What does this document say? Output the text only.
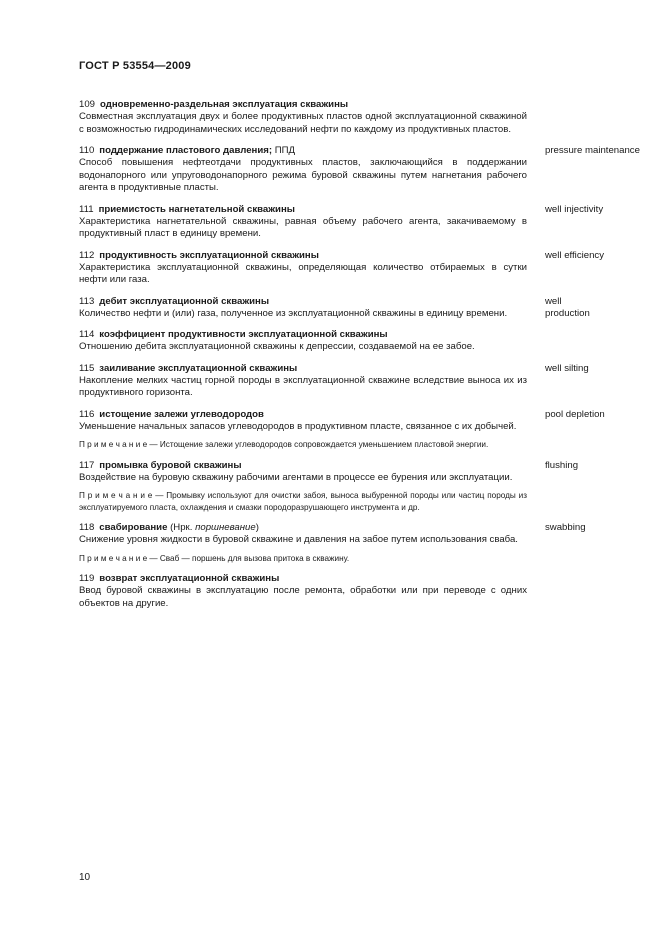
ГОСТ Р 53554—2009
109 одновременно-раздельная эксплуатация скважины
Совместная эксплуатация двух и более продуктивных пластов одной эксплуатационной скважиной с возможностью гидродинамических исследований нефти по каждому из продуктивных пластов.
110 поддержание пластового давления; ППД	pressure maintenance
Способ повышения нефтеотдачи продуктивных пластов, заключающийся в поддержании водонапорного или упруговодонапорного режима буровой скважины путем нагнетания рабочего агента в продуктивные пласты.
111 приемистость нагнетательной скважины	well injectivity
Характеристика нагнетательной скважины, равная объему рабочего агента, закачиваемому в продуктивный пласт в единицу времени.
112 продуктивность эксплуатационной скважины	well efficiency
Характеристика эксплуатационной скважины, определяющая количество отбираемых в сутки нефти или газа.
113 дебит эксплуатационной скважины	well
production
Количество нефти и (или) газа, полученное из эксплуатационной скважины в единицу времени.
114 коэффициент продуктивности эксплуатационной скважины
Отношению дебита эксплуатационной скважины к депрессии, создаваемой на ее забое.
115 заиливание эксплуатационной скважины	well silting
Накопление мелких частиц горной породы в эксплуатационной скважине вследствие выноса их из продуктивного горизонта.
116 истощение залежи углеводородов	pool depletion
Уменьшение начальных запасов углеводородов в продуктивном пласте, связанное с их добычей.
П р и м е ч а н и е — Истощение залежи углеводородов сопровождается уменьшением пластовой энергии.
117 промывка буровой скважины	flushing
Воздействие на буровую скважину рабочими агентами в процессе ее бурения или эксплуатации.
П р и м е ч а н и е — Промывку используют для очистки забоя, выноса выбуренной породы или частиц породы из эксплуатируемого пласта, охлаждения и смазки породоразрушающего инструмента и др.
118 свабирование (Нрк. поршневание)	swabbing
Снижение уровня жидкости в буровой скважине и давления на забое путем использования сваба.
П р и м е ч а н и е — Сваб — поршень для вызова притока в скважину.
119 возврат эксплуатационной скважины
Ввод буровой скважины в эксплуатацию после ремонта, обработки или при переводе с одних объектов на другие.
10
